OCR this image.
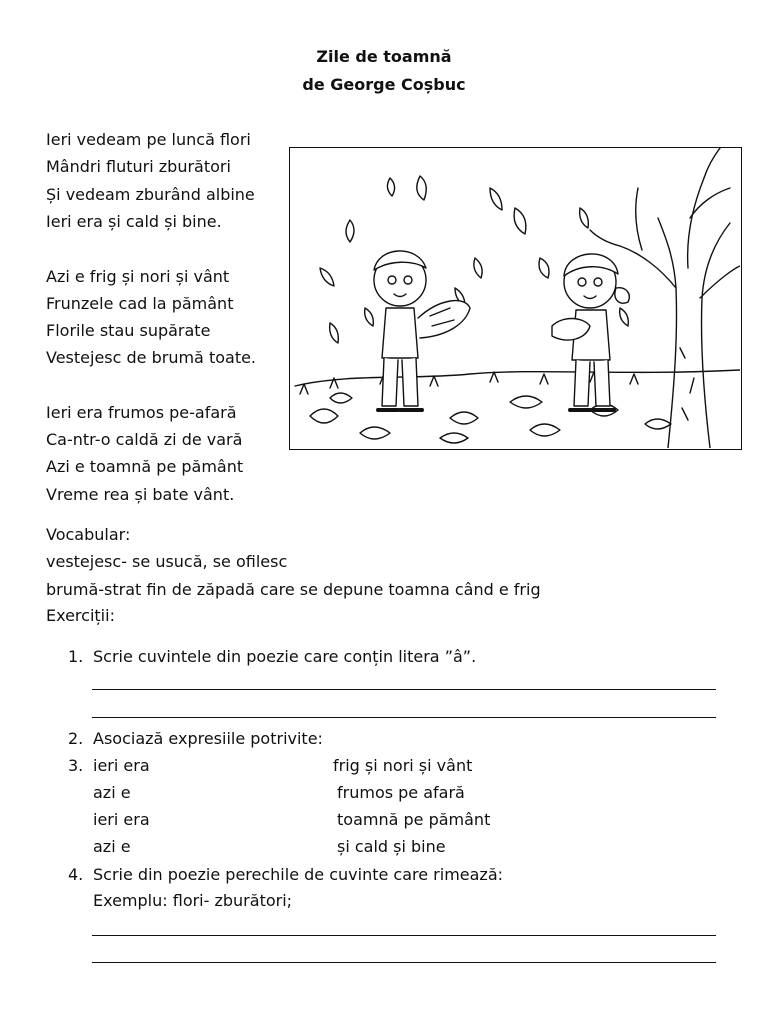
Zile de toamnă
de George Coșbuc
Ieri vedeam pe luncă flori
Mândri fluturi zburători
Și vedeam zburând albine
Ieri era și cald și bine.
Azi e frig și nori și vânt
Frunzele cad la pământ
Florile stau supărate
Vestejesc de brumă toate.
Ieri era frumos pe-afară
Ca-ntr-o caldă zi de vară
Azi e toamnă pe pământ
Vreme rea și bate vânt.
Vocabular:
vestejesc- se usucă, se ofilesc
brumă-strat fin de zăpadă care se depune toamna când e frig
Exerciții:
1. Scrie cuvintele din poezie care conțin litera ”â”.
2. Asociază expresiile potrivite:
3. ieri era
azi e
ieri era
azi e
frig și nori și vânt
frumos pe afară
toamnă pe pământ
și cald și bine
4. Scrie din poezie perechile de cuvinte care rimează:
Exemplu: flori- zburători;
